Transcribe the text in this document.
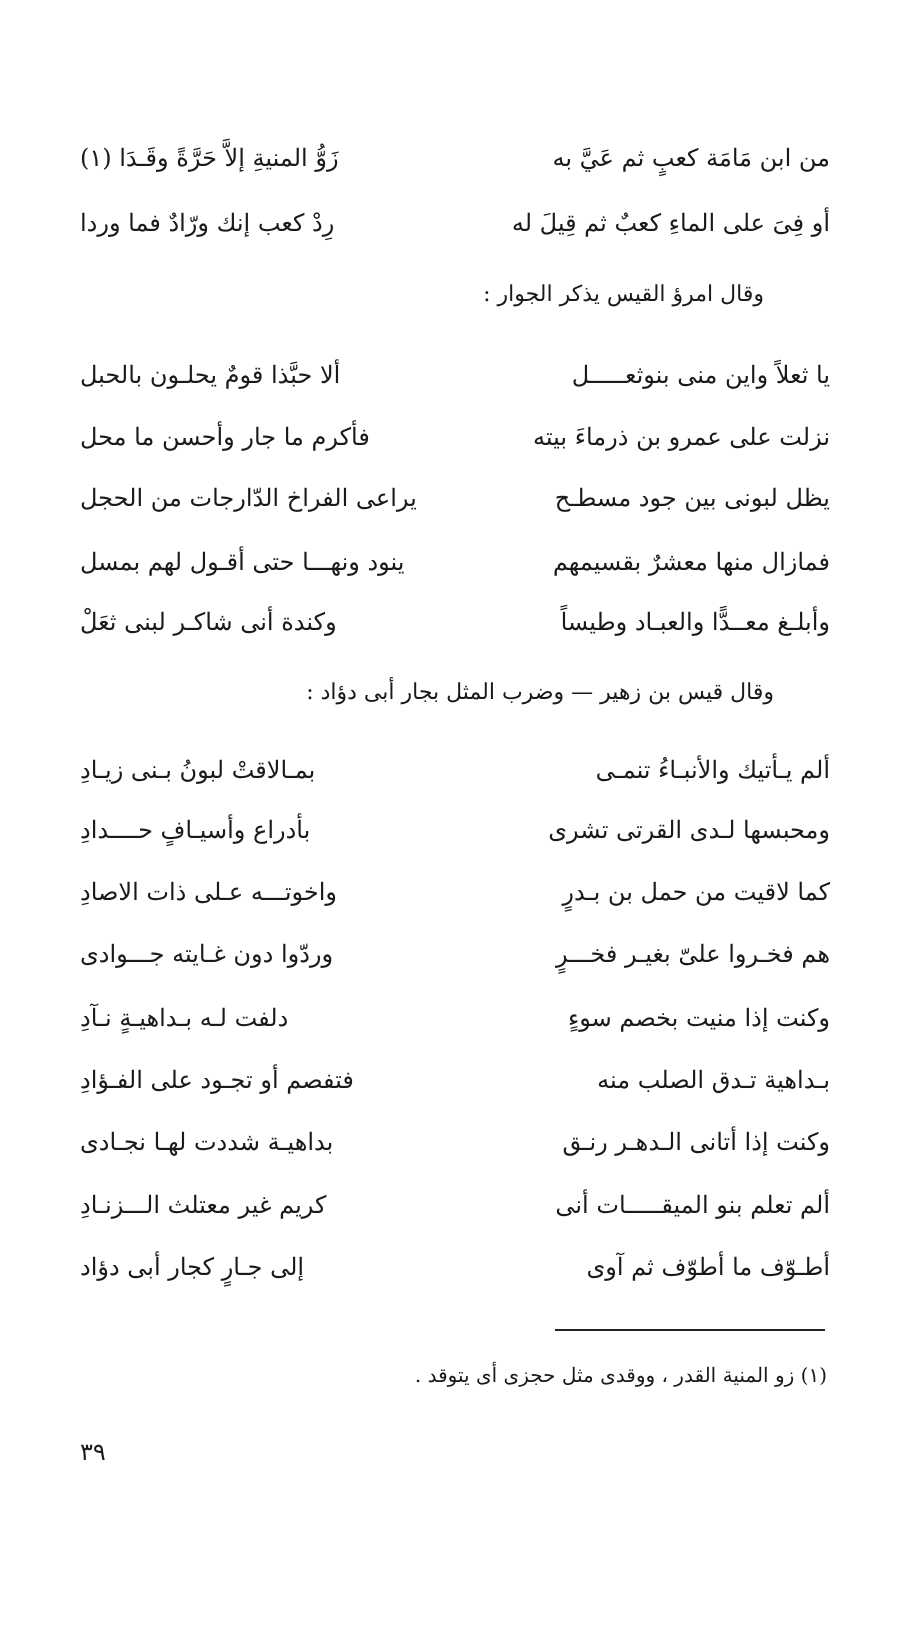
من ابن مَامَة كعبٍ ثم عَيَّ به
زَوُّ المنيةِ إلاَّ حَرَّةً وقَـدَا (١)
أو فِىَ على الماءِ كعبٌ ثم قِيلَ له
رِدْ كعب إنك ورّادٌ فما وردا
وقال امرؤ القيس يذكر الجوار :
يا ثعلاً واين منى بنوثعـــــل
ألا حبَّذا قومٌ يحلـون بالحبل
نزلت على عمرو بن ذرماءَ بيته
فأكرم ما جار وأحسن ما محل
يظل لبونى بين جود مسطـح
يراعى الفراخ الدّارجات من الحجل
فمازال منها معشرٌ بقسيمهم
ينود ونهـــا حتى أقـول لهم بمسل
وأبلـغ معــدًّا والعبـاد وطيساً
وكندة أنى شاكـر لبنى ثعَلْ
وقال قيس بن زهير — وضرب المثل بجار أبى دؤاد :
ألم يـأتيك والأنبـاءُ تنمـى
بمـالاقتْ لبونُ بـنى زيـادِ
ومحبسها لـدى القرتى تشرى
بأدراع وأسيـافٍ حــــدادِ
كما لاقيت من حمل بن بـدرٍ
واخوتـــه عـلى ذات الاصادِ
هم فخـروا علىّ بغيـر فخـــرٍ
وردّوا دون غـايته جـــوادى
وكنت إذا منيت بخصم سوءٍ
دلفت لـه بـداهيـةٍ نـآدِ
بـداهية تـدق الصلب منه
فتفصم أو تجـود على الفـؤادِ
وكنت إذا أتانى الـدهـر رنـق
بداهيـة شددت لهـا نجـادى
ألم تعلم بنو الميقـــــات أنى
كريم غير معتلث الـــزنـادِ
أطـوّف ما أطوّف ثم آوى
إلى جـارٍ كجار أبى دؤاد
(١) زو المنية القدر ، ووقدى مثل حجزى أى يتوقد .
٣٩
